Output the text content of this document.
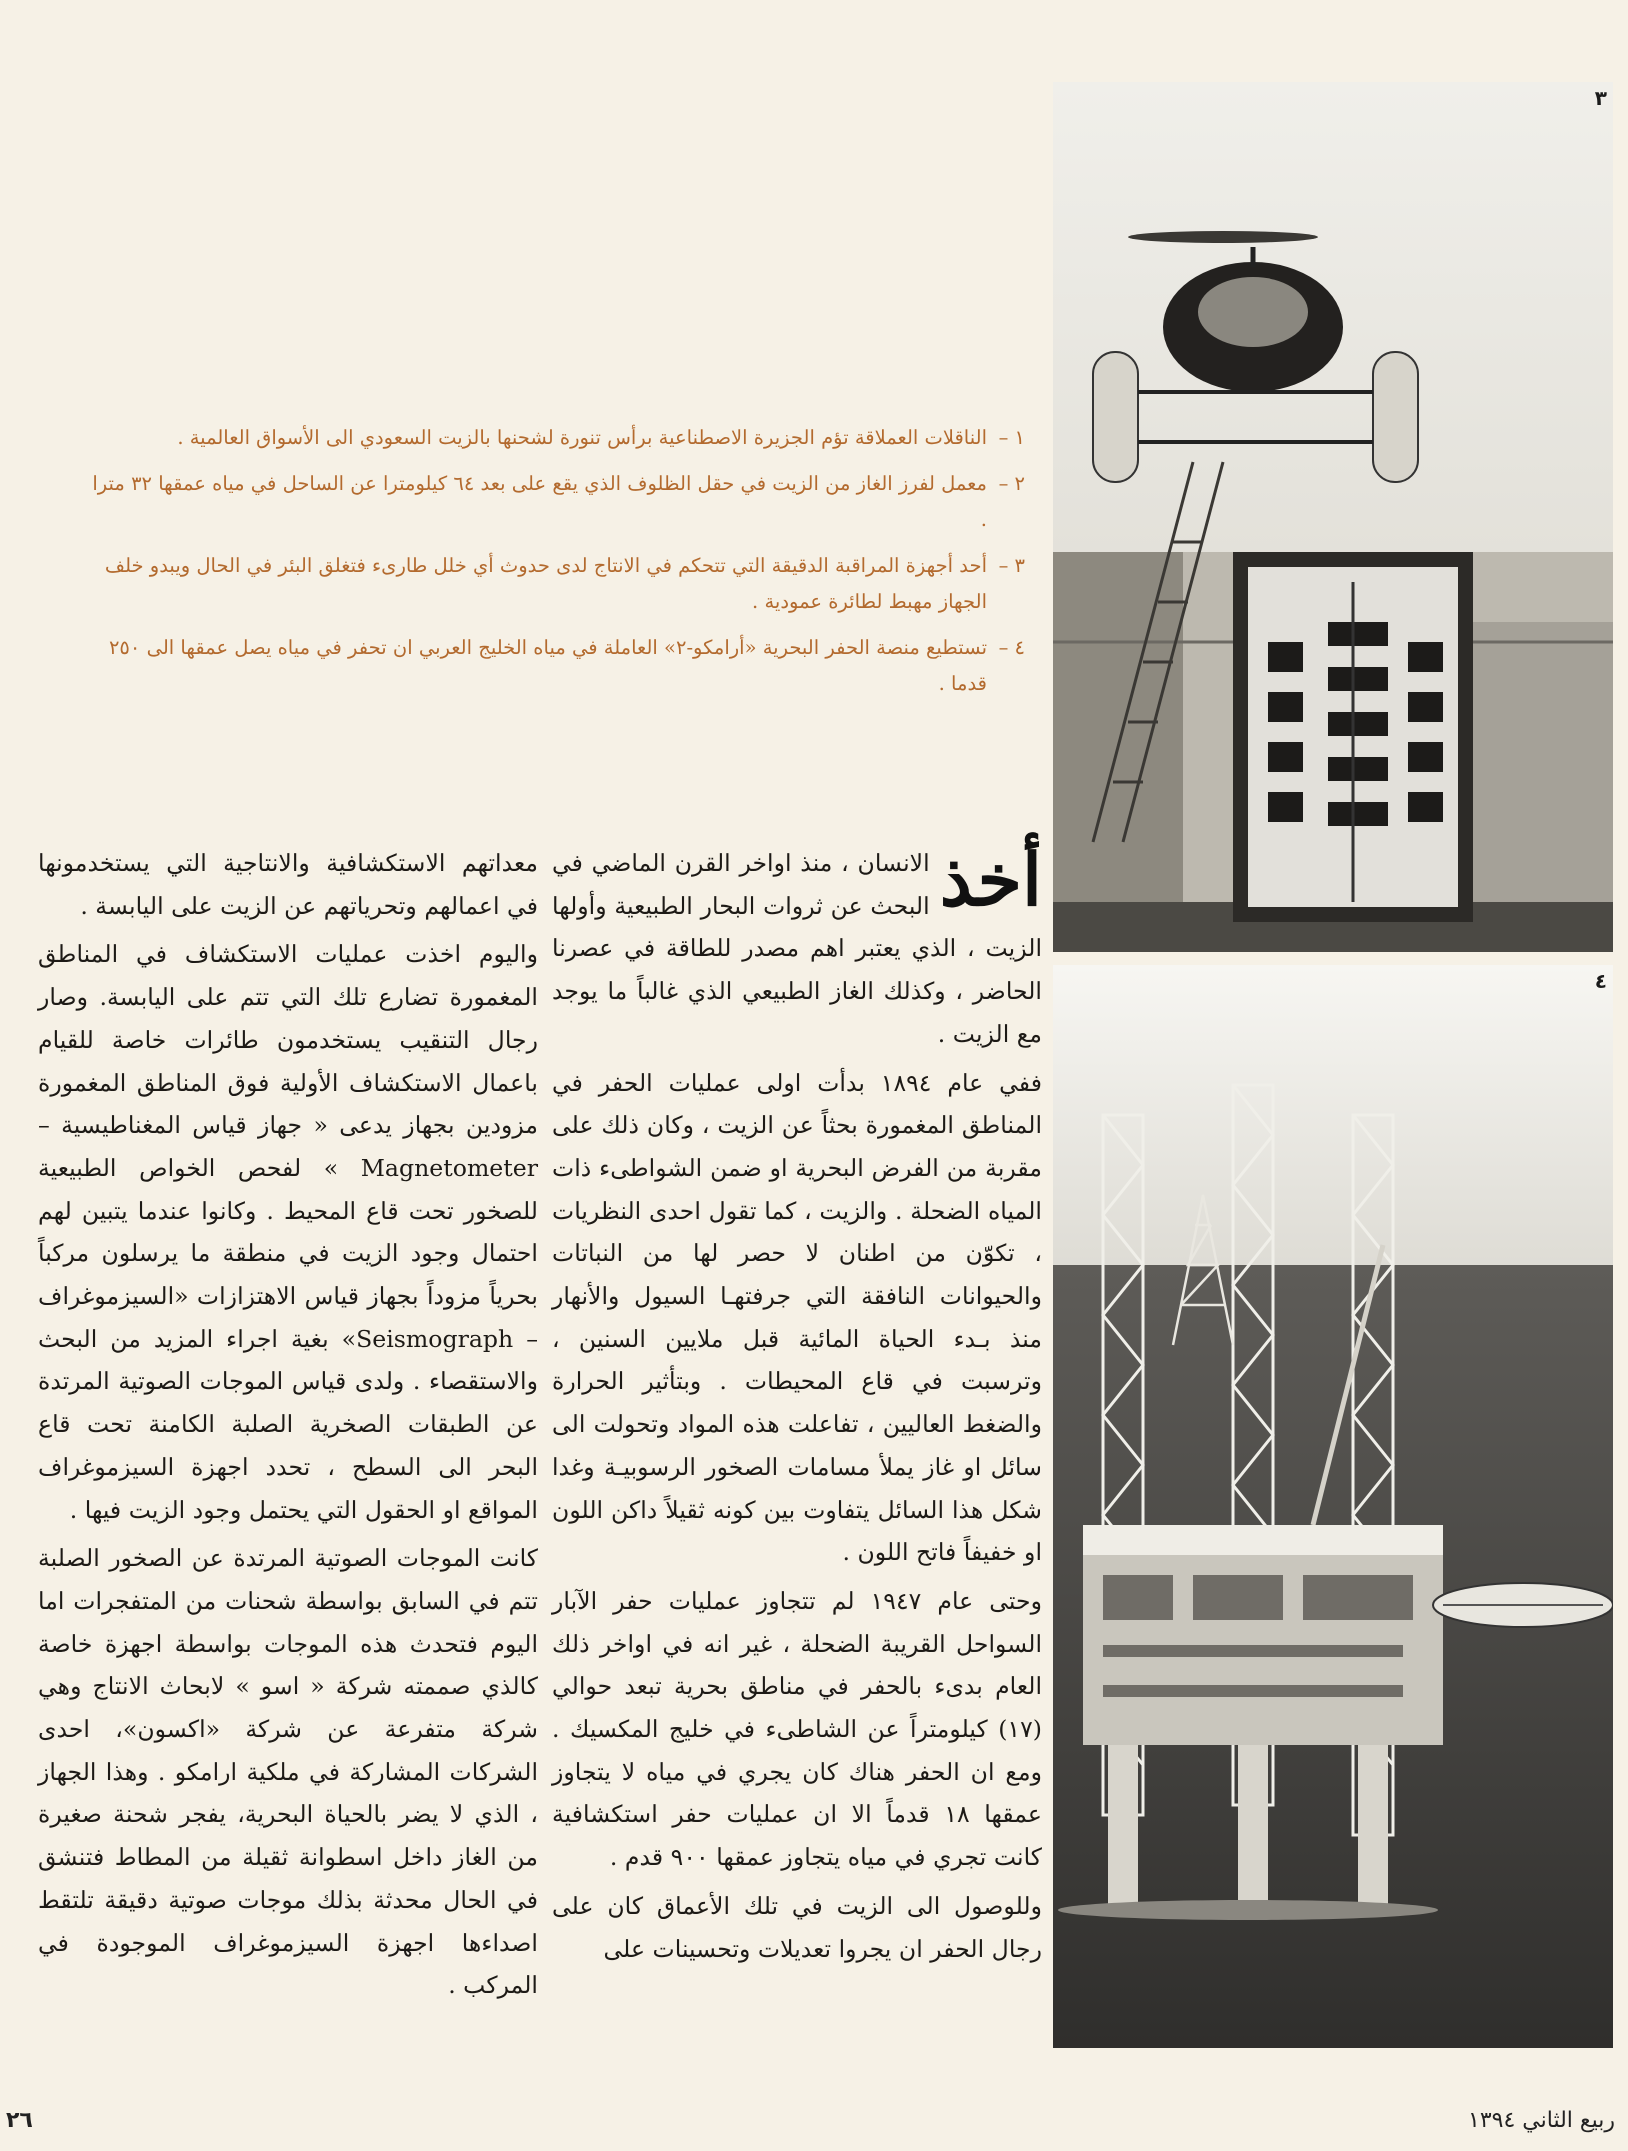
٣
٤
١ –
الناقلات العملاقة تؤم الجزيرة الاصطناعية برأس تنورة لشحنها بالزيت السعودي الى الأسواق العالمية .
٢ –
معمل لفرز الغاز من الزيت في حقل الظلوف الذي يقع على بعد ٦٤ كيلومترا عن الساحل في مياه عمقها ٣٢ مترا .
٣ –
أحد أجهزة المراقبة الدقيقة التي تتحكم في الانتاج لدى حدوث أي خلل طارىء فتغلق البئر في الحال ويبدو خلف الجهاز مهبط لطائرة عمودية .
٤ –
تستطيع منصة الحفر البحرية «أرامكو-٢» العاملة في مياه الخليج العربي ان تحفر في مياه يصل عمقها الى ٢٥٠ قدما .

أخذ
الانسان ، منذ اواخر القرن الماضي في البحث عن ثروات البحار الطبيعية وأولها الزيت ، الذي يعتبر اهم مصدر للطاقة في عصرنا الحاضر ، وكذلك الغاز الطبيعي الذي غالباً ما يوجد مع الزيت .

ففي عام ١٨٩٤ بدأت اولى عمليات الحفر في المناطق المغمورة بحثاً عن الزيت ، وكان ذلك على مقربة من الفرض البحرية او ضمن الشواطىء ذات المياه الضحلة . والزيت ، كما تقول احدى النظريات ، تكوّن من اطنان لا حصر لها من النباتات والحيوانات النافقة التي جرفتهـا السيول والأنهار منذ بـدء الحياة المائية قبل ملايين السنين ، وترسبت في قاع المحيطات . وبتأثير الحرارة والضغط العاليين ، تفاعلت هذه المواد وتحولت الى سائل او غاز يملأ مسامات الصخور الرسوبيـة وغدا شكل هذا السائل يتفاوت بين كونه ثقيلاً داكن اللون او خفيفاً فاتح اللون .

وحتى عام ١٩٤٧ لم تتجاوز عمليات حفر الآبار السواحل القريبة الضحلة ، غير انه في اواخر ذلك العام بدىء بالحفر في مناطق بحرية تبعد حوالي (١٧) كيلومتراً عن الشاطىء في خليج المكسيك . ومع ان الحفر هناك كان يجري في مياه لا يتجاوز عمقها ١٨ قدماً الا ان عمليات حفر استكشافية كانت تجري في مياه يتجاوز عمقها ٩٠٠ قدم .

وللوصول الى الزيت في تلك الأعماق كان على رجال الحفر ان يجروا تعديلات وتحسينات على

معداتهم الاستكشافية والانتاجية التي يستخدمونها في اعمالهم وتحرياتهم عن الزيت على اليابسة .

واليوم اخذت عمليات الاستكشاف في المناطق المغمورة تضارع تلك التي تتم على اليابسة. وصار رجال التنقيب يستخدمون طائرات خاصة للقيام باعمال الاستكشاف الأولية فوق المناطق المغمورة مزودين بجهاز يدعى « جهاز قياس المغناطيسية – Magnetometer » لفحص الخواص الطبيعية للصخور تحت قاع المحيط . وكانوا عندما يتبين لهم احتمال وجود الزيت في منطقة ما يرسلون مركباً بحرياً مزوداً بجهاز قياس الاهتزازات «السيزموغراف – Seismograph» بغية اجراء المزيد من البحث والاستقصاء . ولدى قياس الموجات الصوتية المرتدة عن الطبقات الصخرية الصلبة الكامنة تحت قاع البحر الى السطح ، تحدد اجهزة السيزموغراف المواقع او الحقول التي يحتمل وجود الزيت فيها .

كانت الموجات الصوتية المرتدة عن الصخور الصلبة تتم في السابق بواسطة شحنات من المتفجرات اما اليوم فتحدث هذه الموجات بواسطة اجهزة خاصة كالذي صممته شركة « اسو » لابحاث الانتاج وهي شركة متفرعة عن شركة «اكسون»، احدى الشركات المشاركة في ملكية ارامكو . وهذا الجهاز ، الذي لا يضر بالحياة البحرية، يفجر شحنة صغيرة من الغاز داخل اسطوانة ثقيلة من المطاط فتنشق في الحال محدثة بذلك موجات صوتية دقيقة تلتقط اصداءها اجهزة السيزموغراف الموجودة في المركب .

٢٦	ربيع الثاني ١٣٩٤
